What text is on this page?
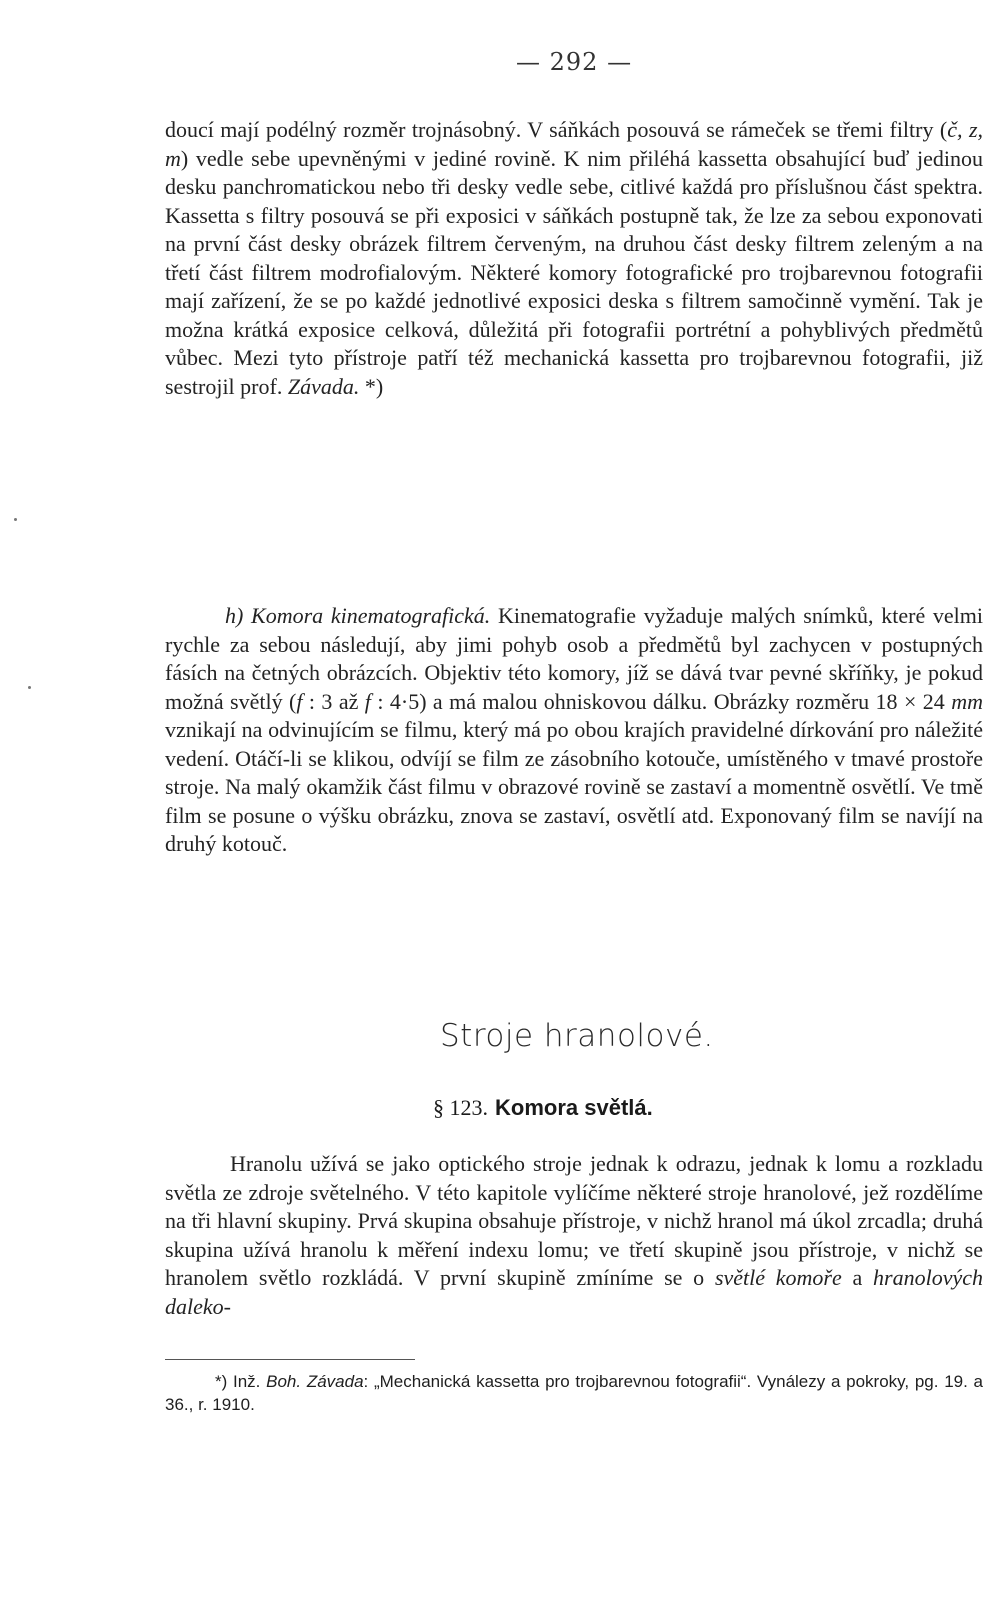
— 292 —
doucí mají podélný rozměr trojnásobný. V sáňkách posouvá se rámeček se třemi filtry (č, z, m) vedle sebe upevněnými v jediné rovině. K nim přiléhá kassetta obsahující buď jedinou desku panchromatickou nebo tři desky vedle sebe, citlivé každá pro příslušnou část spektra. Kassetta s filtry posouvá se při exposici v sáňkách postupně tak, že lze za sebou exponovati na první část desky obrázek filtrem červeným, na druhou část desky filtrem zeleným a na třetí část filtrem modrofialovým. Některé komory fotografické pro trojbarevnou fotografii mají zařízení, že se po každé jednotlivé exposici deska s filtrem samočinně vymění. Tak je možna krátká exposice celková, důležitá při fotografii portrétní a pohyblivých předmětů vůbec. Mezi tyto přístroje patří též mechanická kassetta pro trojbarevnou fotografii, již sestrojil prof. Závada. *)
h) Komora kinematografická. Kinematografie vyžaduje malých snímků, které velmi rychle za sebou následují, aby jimi pohyb osob a předmětů byl zachycen v postupných fásích na četných obrázcích. Objektiv této komory, jíž se dává tvar pevné skříňky, je pokud možná světlý (f : 3 až f : 4·5) a má malou ohniskovou dálku. Obrázky rozměru 18 × 24 mm vznikají na odvinujícím se filmu, který má po obou krajích pravidelné dírkování pro náležité vedení. Otáčí-li se klikou, odvíjí se film ze zásobního kotouče, umístěného v tmavé prostoře stroje. Na malý okamžik část filmu v obrazové rovině se zastaví a momentně osvětlí. Ve tmě film se posune o výšku obrázku, znova se zastaví, osvětlí atd. Exponovaný film se navíjí na druhý kotouč.
Stroje hranolové.
§ 123. Komora světlá.
Hranolu užívá se jako optického stroje jednak k odrazu, jednak k lomu a rozkladu světla ze zdroje světelného. V této kapitole vylíčíme některé stroje hranolové, jež rozdělíme na tři hlavní skupiny. Prvá skupina obsahuje přístroje, v nichž hranol má úkol zrcadla; druhá skupina užívá hranolu k měření indexu lomu; ve třetí skupině jsou přístroje, v nichž se hranolem světlo rozkládá. V první skupině zmíníme se o světlé komoře a hranolových daleko-
*) Inž. Boh. Závada: „Mechanická kassetta pro trojbarevnou fotografii“. Vynálezy a pokroky, pg. 19. a 36., r. 1910.
